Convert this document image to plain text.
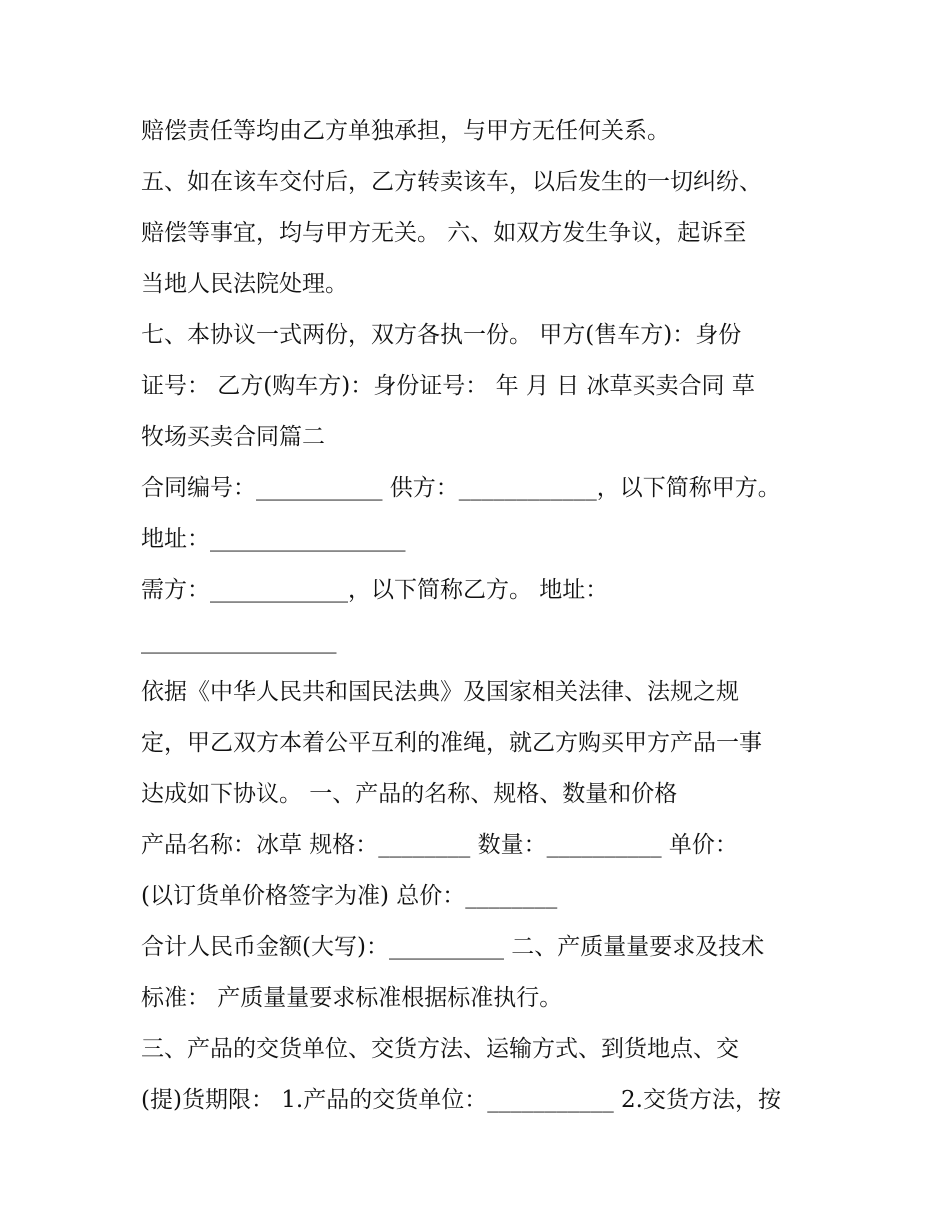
赔偿责任等均由乙方单独承担，与甲方无任何关系。
五、如在该车交付后，乙方转卖该车，以后发生的一切纠纷、
赔偿等事宜，均与甲方无关。 六、如双方发生争议，起诉至
当地人民法院处理。
七、本协议一式两份，双方各执一份。 甲方(售车方)：身份
证号： 乙方(购车方)：身份证号： 年 月 日 冰草买卖合同 草
牧场买卖合同篇二
合同编号：___________ 供方：____________，以下简称甲方。
地址：_________________
需方：____________，以下简称乙方。 地址：
_________________
依据《中华人民共和国民法典》及国家相关法律、法规之规
定，甲乙双方本着公平互利的准绳，就乙方购买甲方产品一事
达成如下协议。 一、产品的名称、规格、数量和价格
产品名称：冰草 规格：________ 数量：__________ 单价：
(以订货单价格签字为准) 总价：________
合计人民币金额(大写)：__________ 二、产质量量要求及技术
标准： 产质量量要求标准根据标准执行。
三、产品的交货单位、交货方法、运输方式、到货地点、交
(提)货期限： 1.产品的交货单位：___________ 2.交货方法，按
